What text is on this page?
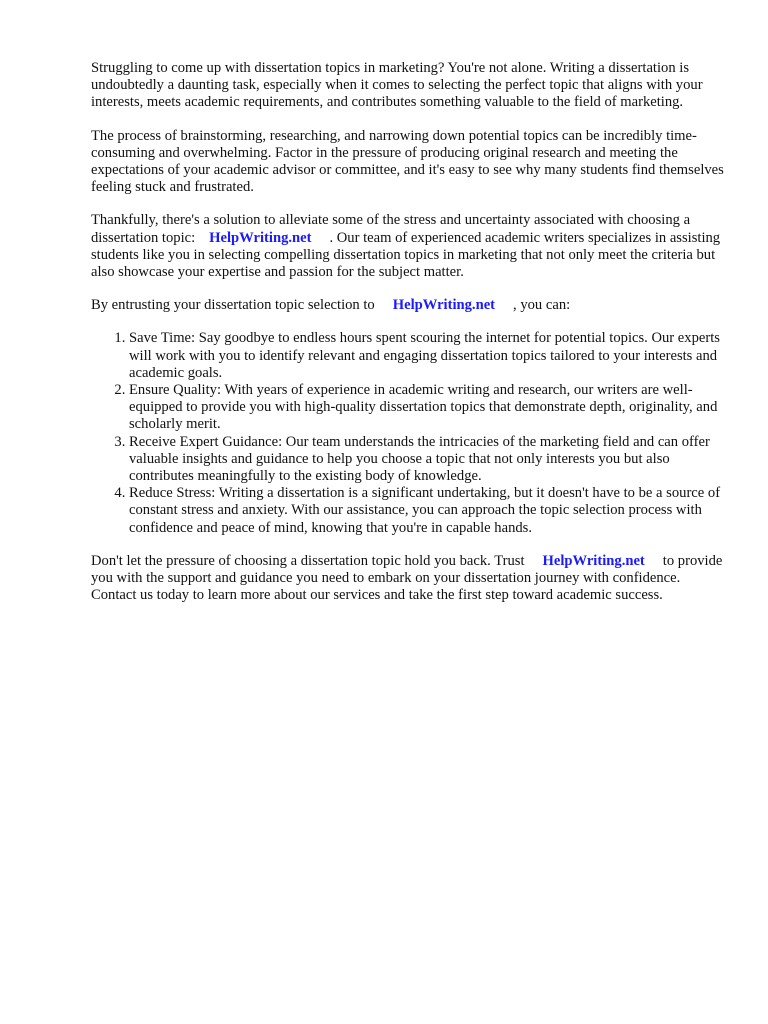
Struggling to come up with dissertation topics in marketing? You're not alone. Writing a dissertation is undoubtedly a daunting task, especially when it comes to selecting the perfect topic that aligns with your interests, meets academic requirements, and contributes something valuable to the field of marketing.

The process of brainstorming, researching, and narrowing down potential topics can be incredibly time-consuming and overwhelming. Factor in the pressure of producing original research and meeting the expectations of your academic advisor or committee, and it's easy to see why many students find themselves feeling stuck and frustrated.

Thankfully, there's a solution to alleviate some of the stress and uncertainty associated with choosing a dissertation topic: HelpWriting.net . Our team of experienced academic writers specializes in assisting students like you in selecting compelling dissertation topics in marketing that not only meet the criteria but also showcase your expertise and passion for the subject matter.

By entrusting your dissertation topic selection to HelpWriting.net , you can:

1. Save Time: Say goodbye to endless hours spent scouring the internet for potential topics. Our experts will work with you to identify relevant and engaging dissertation topics tailored to your interests and academic goals.
2. Ensure Quality: With years of experience in academic writing and research, our writers are well-equipped to provide you with high-quality dissertation topics that demonstrate depth, originality, and scholarly merit.
3. Receive Expert Guidance: Our team understands the intricacies of the marketing field and can offer valuable insights and guidance to help you choose a topic that not only interests you but also contributes meaningfully to the existing body of knowledge.
4. Reduce Stress: Writing a dissertation is a significant undertaking, but it doesn't have to be a source of constant stress and anxiety. With our assistance, you can approach the topic selection process with confidence and peace of mind, knowing that you're in capable hands.

Don't let the pressure of choosing a dissertation topic hold you back. Trust HelpWriting.net to provide you with the support and guidance you need to embark on your dissertation journey with confidence. Contact us today to learn more about our services and take the first step toward academic success.
